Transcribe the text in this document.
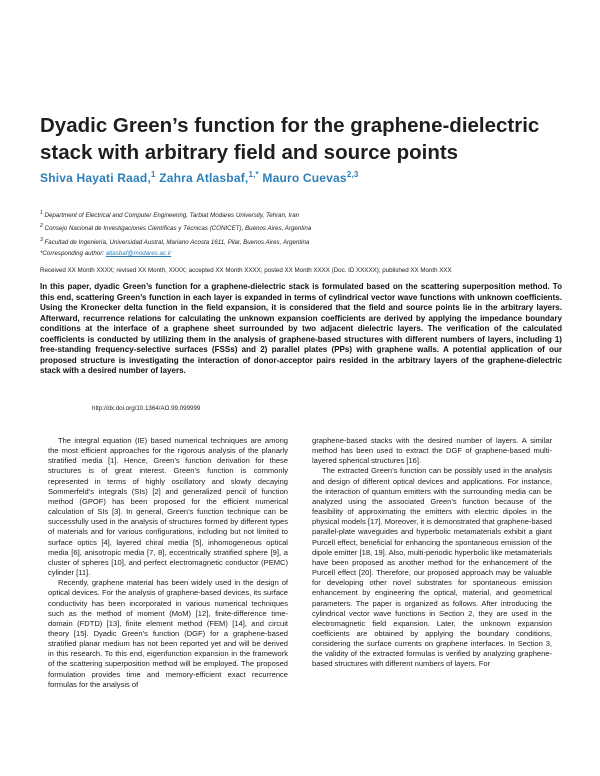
Dyadic Green’s function for the graphene-dielectric stack with arbitrary field and source points
Shiva Hayati Raad,$^1$ Zahra Atlasbaf,$^{1,*}$ Mauro Cuevas$^{2,3}$
$^1$ Department of Electrical and Computer Engineering, Tarbiat Modares University, Tehran, Iran
$^2$ Consejo Nacional de Investigaciones Científicas y Técnicas (CONICET), Buenos Aires, Argentina
$^3$ Facultad de Ingeniería, Universidad Austral, Mariano Acosta 1611, Pilar, Buenos Aires, Argentina
*Corresponding author: atlasbaf@modares.ac.ir
Received XX Month XXXX; revised XX Month, XXXX; accepted XX Month XXXX; posted XX Month XXXX (Doc. ID XXXXX); published XX Month XXX
In this paper, dyadic Green’s function for a graphene-dielectric stack is formulated based on the scattering superposition method. To this end, scattering Green’s function in each layer is expanded in terms of cylindrical vector wave functions with unknown coefficients. Using the Kronecker delta function in the field expansion, it is considered that the field and source points lie in the arbitrary layers. Afterward, recurrence relations for calculating the unknown expansion coefficients are derived by applying the impedance boundary conditions at the interface of a graphene sheet surrounded by two adjacent dielectric layers. The verification of the calculated coefficients is conducted by utilizing them in the analysis of graphene-based structures with different numbers of layers, including 1) free-standing frequency-selective surfaces (FSSs) and 2) parallel plates (PPs) with graphene walls. A potential application of our proposed structure is investigating the interaction of donor-acceptor pairs resided in the arbitrary layers of the graphene-dielectric stack with a desired number of layers.
http://dx.doi.org/10.1364/AO.99.099999

The integral equation (IE) based numerical techniques are among the most efficient approaches for the rigorous analysis of the planarly stratified media [1]. Hence, Green’s function derivation for these structures is of great interest. Green’s function is commonly represented in terms of highly oscillatory and slowly decaying Sommerfeld’s integrals (SIs) [2] and generalized pencil of function method (GPOF) has been proposed for the efficient numerical calculation of SIs [3]. In general, Green’s function technique can be successfully used in the analysis of structures formed by different types of materials and for various configurations, including but not limited to surface optics [4], layered chiral media [5], inhomogeneous optical media [6], anisotropic media [7, 8], eccentrically stratified sphere [9], a cluster of spheres [10], and perfect electromagnetic conductor (PEMC) cylinder [11].

Recently, graphene material has been widely used in the design of optical devices. For the analysis of graphene-based devices, its surface conductivity has been incorporated in various numerical techniques such as the method of moment (MoM) [12], finite-difference time-domain (FDTD) [13], finite element method (FEM) [14], and circuit theory [15]. Dyadic Green’s function (DGF) for a graphene-based stratified planar medium has not been reported yet and will be derived in this research. To this end, eigenfunction expansion in the framework of the scattering superposition method will be employed. The proposed formulation provides time and memory-efficient exact recurrence formulas for the analysis of

graphene-based stacks with the desired number of layers. A similar method has been used to extract the DGF of graphene-based multi-layered spherical structures [16].

The extracted Green’s function can be possibly used in the analysis and design of different optical devices and applications. For instance, the interaction of quantum emitters with the surrounding media can be analyzed using the associated Green’s function because of the feasibility of approximating the emitters with electric dipoles in the physical models [17]. Moreover, it is demonstrated that graphene-based parallel-plate waveguides and hyperbolic metamaterials exhibit a giant Purcell effect, beneficial for enhancing the spontaneous emission of the dipole emitter [18, 19]. Also, multi-periodic hyperbolic like metamaterials have been proposed as another method for the enhancement of the Purcell effect [20]. Therefore, our proposed approach may be valuable for developing other novel substrates for spontaneous emission enhancement by engineering the optical, material, and geometrical parameters. The paper is organized as follows. After introducing the cylindrical vector wave functions in Section 2, they are used in the electromagnetic field expansion. Later, the unknown expansion coefficients are obtained by applying the boundary conditions, considering the surface currents on graphene interfaces. In Section 3, the validity of the extracted formulas is verified by analyzing graphene-based structures with different numbers of layers. For
